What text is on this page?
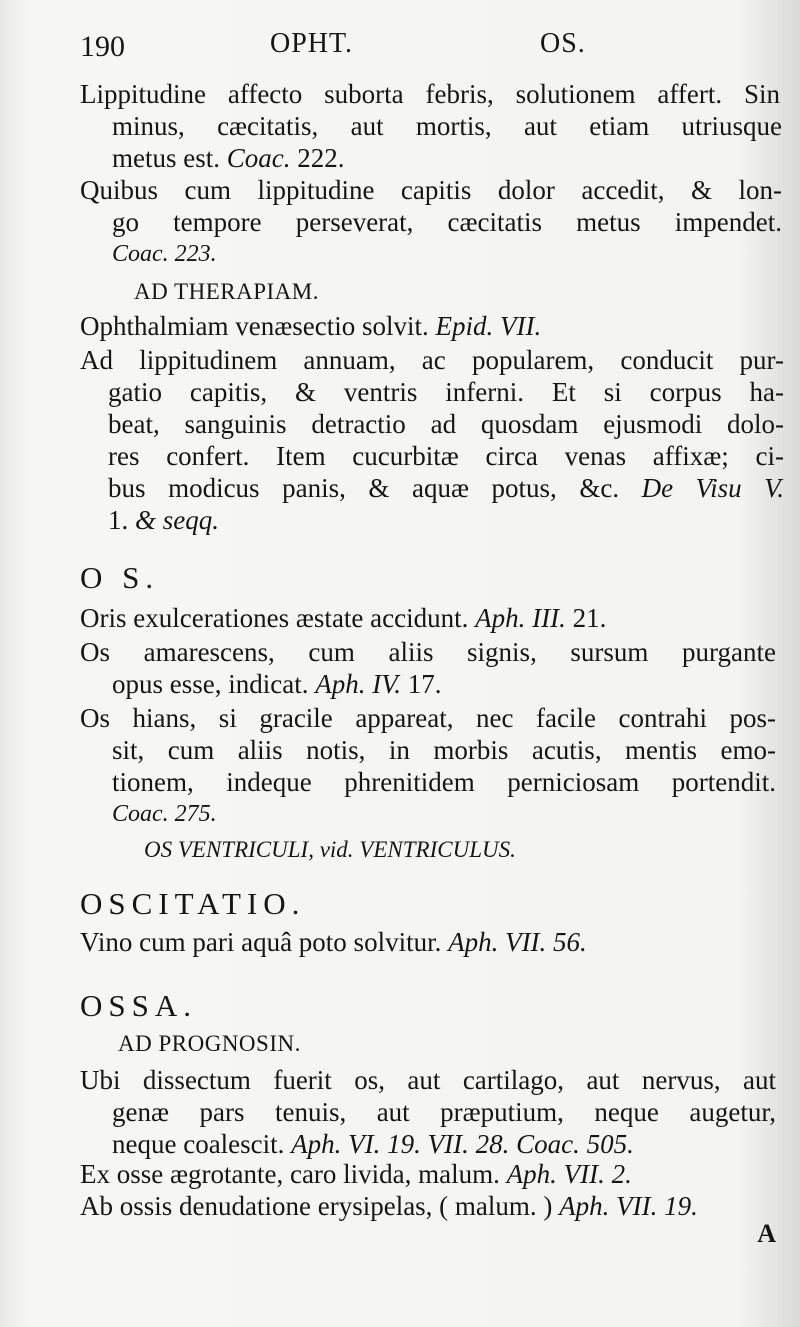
190	OPHT.	OS.
Lippitudine affecto suborta febris, solutionem affert. Sin
minus, cæcitatis, aut mortis, aut etiam utriusque
metus est. Coac. 222.
Quibus cum lippitudine capitis dolor accedit, & lon-
go tempore perseverat, cæcitatis metus impendet.
Coac. 223.
AD THERAPIAM.
Ophthalmiam venæsectio solvit. Epid. VII.
Ad lippitudinem annuam, ac popularem, conducit pur-
gatio capitis, & ventris inferni. Et si corpus ha-
beat, sanguinis detractio ad quosdam ejusmodi dolo-
res confert. Item cucurbitæ circa venas affixæ; ci-
bus modicus panis, & aquæ potus, &c. De Visu V.
1. & seqq.
O S.
Oris exulcerationes æstate accidunt. Aph. III. 21.
Os amarescens, cum aliis signis, sursum purgante
opus esse, indicat. Aph. IV. 17.
Os hians, si gracile appareat, nec facile contrahi pos-
sit, cum aliis notis, in morbis acutis, mentis emo-
tionem, indeque phrenitidem perniciosam portendit.
Coac. 275.
OS VENTRICULI, vid. VENTRICULUS.
OSCITATIO.
Vino cum pari aquâ poto solvitur. Aph. VII. 56.
OSSA.
AD PROGNOSIN.
Ubi dissectum fuerit os, aut cartilago, aut nervus, aut
genæ pars tenuis, aut præputium, neque augetur,
neque coalescit. Aph. VI. 19. VII. 28. Coac. 505.
Ex osse ægrotante, caro livida, malum. Aph. VII. 2.
Ab ossis denudatione erysipelas, ( malum. ) Aph. VII. 19.
A
